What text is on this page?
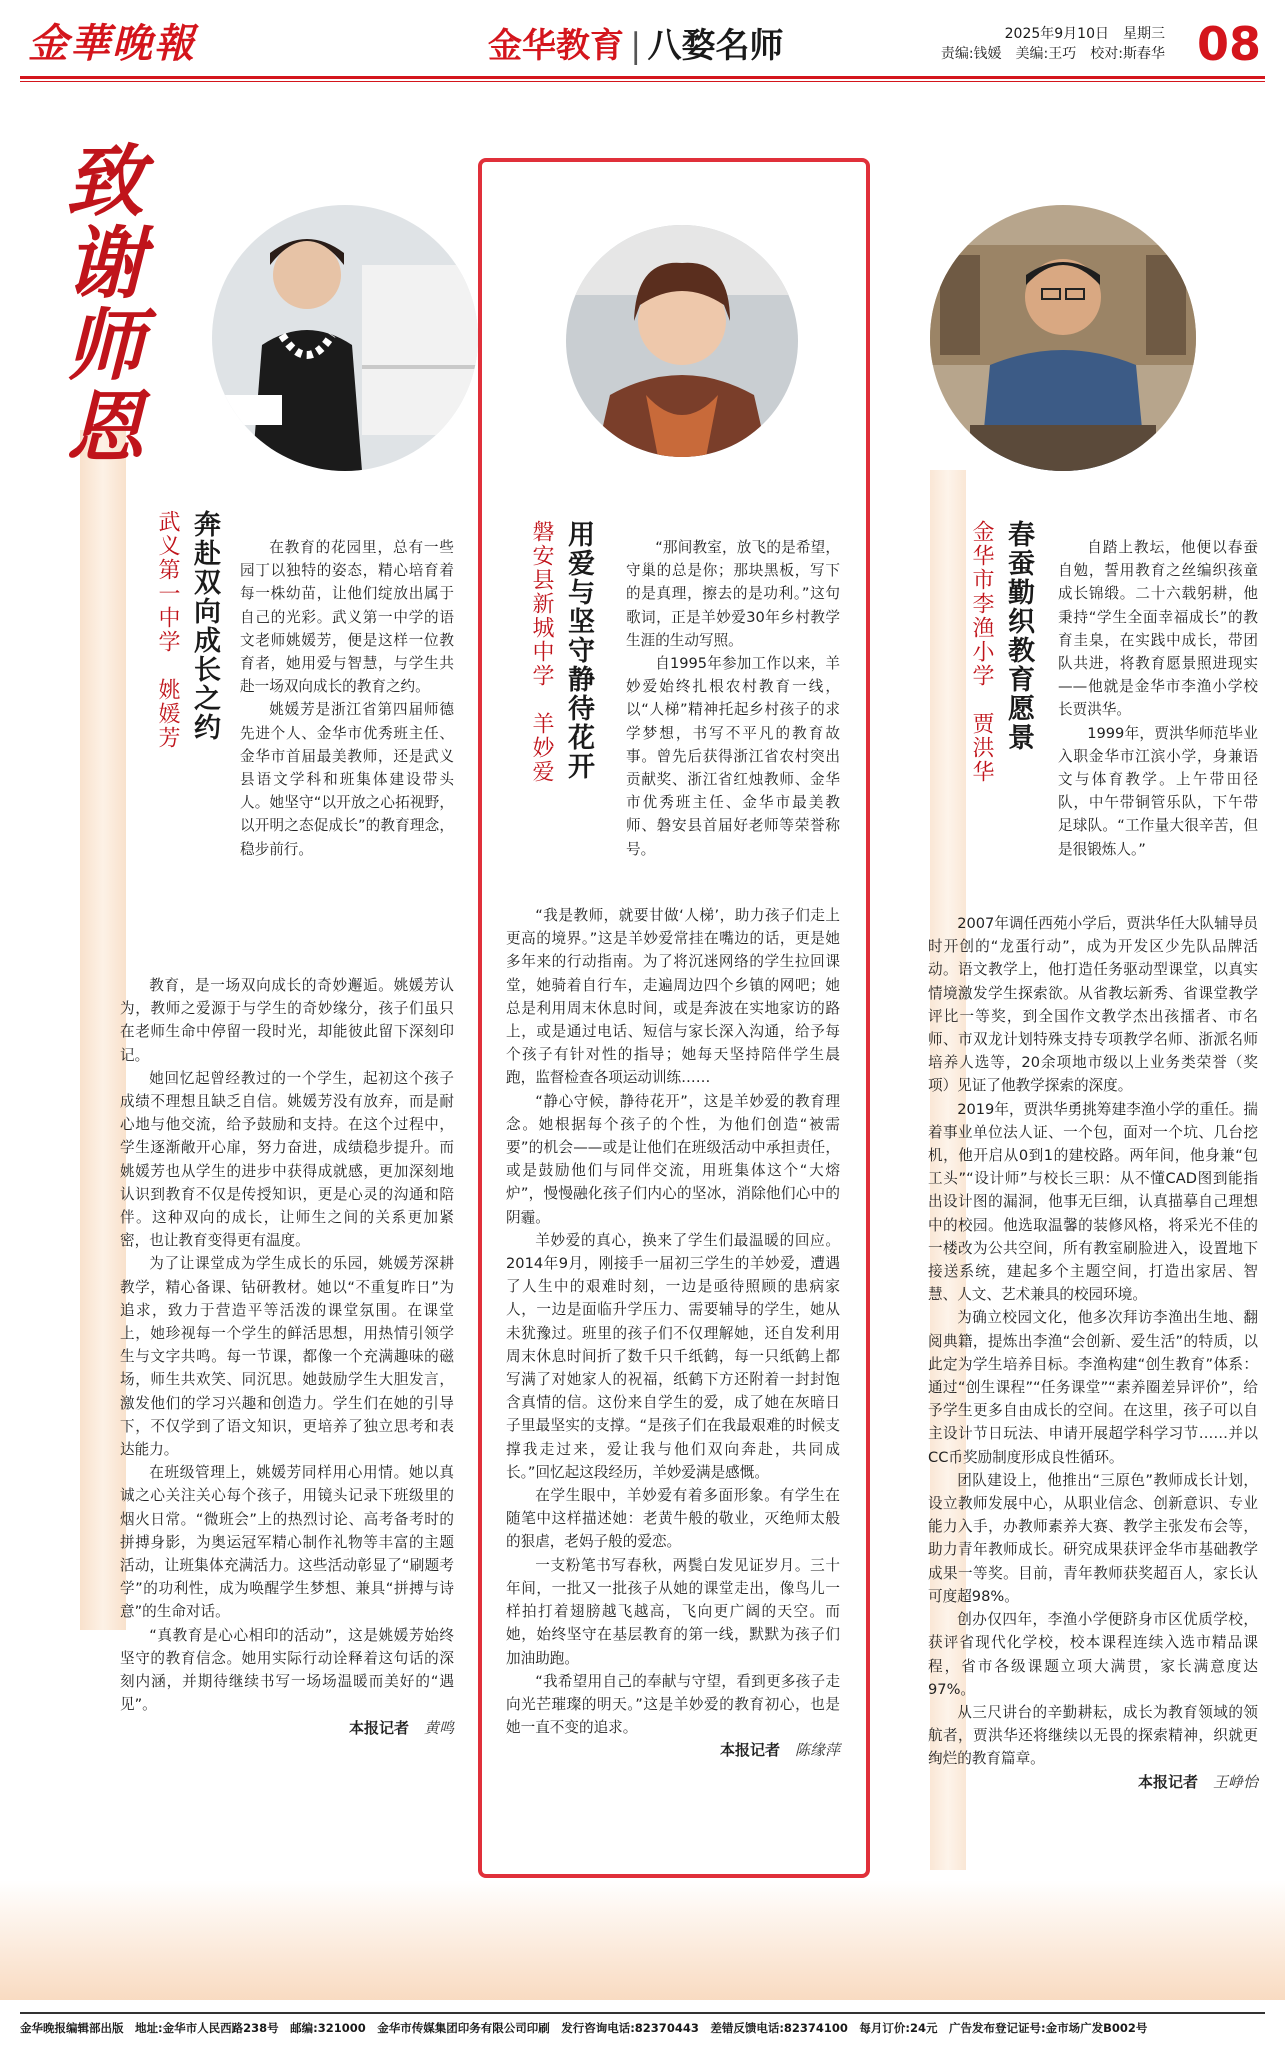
金華晚報	金华教育 | 八婺名师	2025年9月10日　星期三
责编:钱媛　美编:王巧　校对:斯春华 08
致谢师恩
奔赴双向成长之约
武义第一中学　姚媛芳	在教育的花园里，总有一些园丁以独特的姿态，精心培育着每一株幼苗，让他们绽放出属于自己的光彩。武义第一中学的语文老师姚媛芳，便是这样一位教育者，她用爱与智慧，与学生共赴一场双向成长的教育之约。

姚媛芳是浙江省第四届师德先进个人、金华市优秀班主任、金华市首届最美教师，还是武义县语文学科和班集体建设带头人。她坚守“以开放之心拓视野，以开明之态促成长”的教育理念，稳步前行。

教育，是一场双向成长的奇妙邂逅。姚媛芳认为，教师之爱源于与学生的奇妙缘分，孩子们虽只在老师生命中停留一段时光，却能彼此留下深刻印记。

她回忆起曾经教过的一个学生，起初这个孩子成绩不理想且缺乏自信。姚媛芳没有放弃，而是耐心地与他交流，给予鼓励和支持。在这个过程中，学生逐渐敞开心扉，努力奋进，成绩稳步提升。而姚媛芳也从学生的进步中获得成就感，更加深刻地认识到教育不仅是传授知识，更是心灵的沟通和陪伴。这种双向的成长，让师生之间的关系更加紧密，也让教育变得更有温度。

为了让课堂成为学生成长的乐园，姚媛芳深耕教学，精心备课、钻研教材。她以“不重复昨日”为追求，致力于营造平等活泼的课堂氛围。在课堂上，她珍视每一个学生的鲜活思想，用热情引领学生与文字共鸣。每一节课，都像一个充满趣味的磁场，师生共欢笑、同沉思。她鼓励学生大胆发言，激发他们的学习兴趣和创造力。学生们在她的引导下，不仅学到了语文知识，更培养了独立思考和表达能力。

在班级管理上，姚媛芳同样用心用情。她以真诚之心关注关心每个孩子，用镜头记录下班级里的烟火日常。“微班会”上的热烈讨论、高考备考时的拼搏身影，为奥运冠军精心制作礼物等丰富的主题活动，让班集体充满活力。这些活动彰显了“刷题考学”的功利性，成为唤醒学生梦想、兼具“拼搏与诗意”的生命对话。

“真教育是心心相印的活动”，这是姚媛芳始终坚守的教育信念。她用实际行动诠释着这句话的深刻内涵，并期待继续书写一场场温暖而美好的“遇见”。

本报记者　 黄鸣
用爱与坚守静待花开
磐安县新城中学　羊妙爱	“那间教室，放飞的是希望，守巢的总是你；那块黑板，写下的是真理，擦去的是功利。”这句歌词，正是羊妙爱30年乡村教学生涯的生动写照。

自1995年参加工作以来，羊妙爱始终扎根农村教育一线，以“人梯”精神托起乡村孩子的求学梦想，书写不平凡的教育故事。曾先后获得浙江省农村突出贡献奖、浙江省红烛教师、金华市优秀班主任、金华市最美教师、磐安县首届好老师等荣誉称号。

“我是教师，就要甘做‘人梯’，助力孩子们走上更高的境界。”这是羊妙爱常挂在嘴边的话，更是她多年来的行动指南。为了将沉迷网络的学生拉回课堂，她骑着自行车，走遍周边四个乡镇的网吧；她总是利用周末休息时间，或是奔波在实地家访的路上，或是通过电话、短信与家长深入沟通，给予每个孩子有针对性的指导；她每天坚持陪伴学生晨跑，监督检查各项运动训练……

“静心守候，静待花开”，这是羊妙爱的教育理念。她根据每个孩子的个性，为他们创造“被需要”的机会——或是让他们在班级活动中承担责任，或是鼓励他们与同伴交流，用班集体这个“大熔炉”，慢慢融化孩子们内心的坚冰，消除他们心中的阴霾。

羊妙爱的真心，换来了学生们最温暖的回应。2014年9月，刚接手一届初三学生的羊妙爱，遭遇了人生中的艰难时刻，一边是亟待照顾的患病家人，一边是面临升学压力、需要辅导的学生，她从未犹豫过。班里的孩子们不仅理解她，还自发利用周末休息时间折了数千只千纸鹤，每一只纸鹤上都写满了对她家人的祝福，纸鹤下方还附着一封封饱含真情的信。这份来自学生的爱，成了她在灰暗日子里最坚实的支撑。“是孩子们在我最艰难的时候支撑我走过来，爱让我与他们双向奔赴，共同成长。”回忆起这段经历，羊妙爱满是感慨。

在学生眼中，羊妙爱有着多面形象。有学生在随笔中这样描述她：老黄牛般的敬业，灭绝师太般的狠虐，老妈子般的爱恋。

一支粉笔书写春秋，两鬓白发见证岁月。三十年间，一批又一批孩子从她的课堂走出，像鸟儿一样拍打着翅膀越飞越高，飞向更广阔的天空。而她，始终坚守在基层教育的第一线，默默为孩子们加油助跑。

“我希望用自己的奉献与守望，看到更多孩子走向光芒璀璨的明天。”这是羊妙爱的教育初心，也是她一直不变的追求。

本报记者　 陈缘萍
春蚕勤织教育愿景
金华市李渔小学　贾洪华	自踏上教坛，他便以春蚕自勉，誓用教育之丝编织孩童成长锦缎。二十六载躬耕，他秉持“学生全面幸福成长”的教育圭臬，在实践中成长，带团队共进，将教育愿景照进现实——他就是金华市李渔小学校长贾洪华。

1999年，贾洪华师范毕业入职金华市江滨小学，身兼语文与体育教学。上午带田径队，中午带铜管乐队，下午带足球队。“工作量大很辛苦，但是很锻炼人。”

2007年调任西苑小学后，贾洪华任大队辅导员时开创的“龙蛋行动”，成为开发区少先队品牌活动。语文教学上，他打造任务驱动型课堂，以真实情境激发学生探索欲。从省教坛新秀、省课堂教学评比一等奖，到全国作文教学杰出孩擂者、市名师、市双龙计划特殊支持专项教学名师、浙派名师培养人选等，20余项地市级以上业务类荣誉（奖项）见证了他教学探索的深度。

2019年，贾洪华勇挑筹建李渔小学的重任。揣着事业单位法人证、一个包，面对一个坑、几台挖机，他开启从0到1的建校路。两年间，他身兼“包工头”“设计师”与校长三职：从不懂CAD图到能指出设计图的漏洞，他事无巨细，认真描摹自己理想中的校园。他选取温馨的装修风格，将采光不佳的一楼改为公共空间，所有教室刷脸进入，设置地下接送系统，建起多个主题空间，打造出家居、智慧、人文、艺术兼具的校园环境。

为确立校园文化，他多次拜访李渔出生地、翻阅典籍，提炼出李渔“会创新、爱生活”的特质，以此定为学生培养目标。李渔构建“创生教育”体系：通过“创生课程”“任务课堂”“素养圈差异评价”，给予学生更多自由成长的空间。在这里，孩子可以自主设计节日玩法、申请开展超学科学习节……并以CC币奖励制度形成良性循环。

团队建设上，他推出“三原色”教师成长计划，设立教师发展中心，从职业信念、创新意识、专业能力入手，办教师素养大赛、教学主张发布会等，助力青年教师成长。研究成果获评金华市基础教学成果一等奖。目前，青年教师获奖超百人，家长认可度超98%。

创办仅四年，李渔小学便跻身市区优质学校，获评省现代化学校，校本课程连续入选市精品课程，省市各级课题立项大满贯，家长满意度达97%。

从三尺讲台的辛勤耕耘，成长为教育领域的领航者，贾洪华还将继续以无畏的探索精神，织就更绚烂的教育篇章。

本报记者　 王峥怡
金华晚报编辑部出版　地址:金华市人民西路238号　邮编:321000　金华市传媒集团印务有限公司印刷　发行咨询电话:82370443　差错反馈电话:82374100　每月订价:24元　广告发布登记证号:金市场广发B002号
